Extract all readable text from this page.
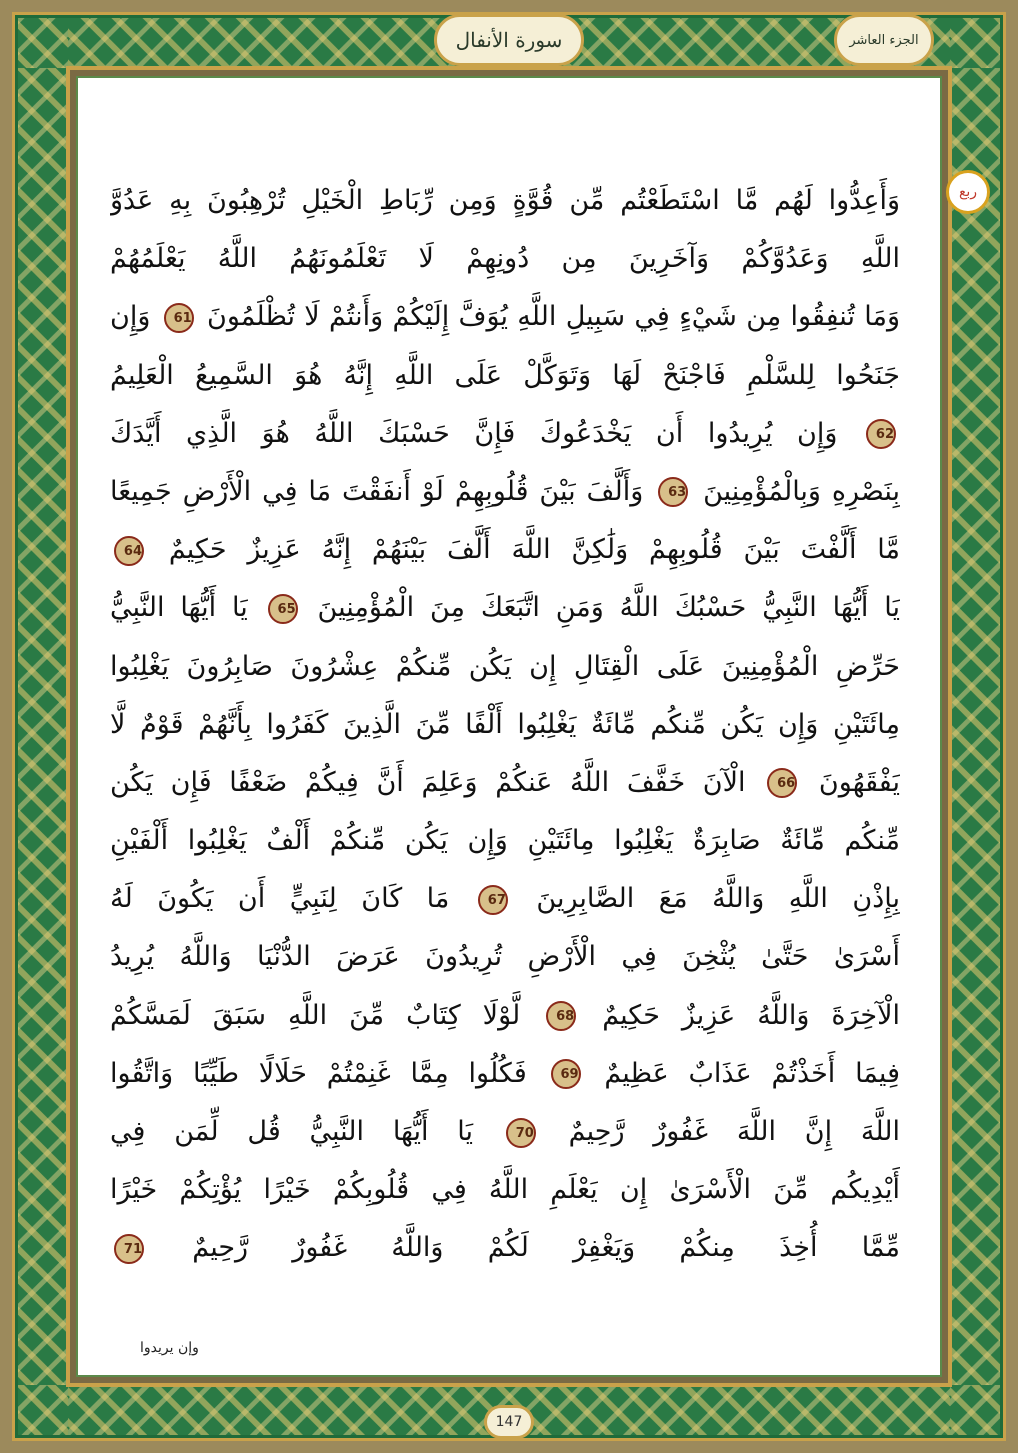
الجزء العاشر
سورة الأنفال
ربع
وَأَعِدُّوا لَهُم مَّا اسْتَطَعْتُم مِّن قُوَّةٍ وَمِن رِّبَاطِ الْخَيْلِ تُرْهِبُونَ بِهِ عَدُوَّ
اللَّهِ وَعَدُوَّكُمْ وَآخَرِينَ مِن دُونِهِمْ لَا تَعْلَمُونَهُمُ اللَّهُ يَعْلَمُهُمْ
وَمَا تُنفِقُوا مِن شَيْءٍ فِي سَبِيلِ اللَّهِ يُوَفَّ إِلَيْكُمْ وَأَنتُمْ لَا تُظْلَمُونَ 61 وَإِن
جَنَحُوا لِلسَّلْمِ فَاجْنَحْ لَهَا وَتَوَكَّلْ عَلَى اللَّهِ إِنَّهُ هُوَ السَّمِيعُ الْعَلِيمُ
62 وَإِن يُرِيدُوا أَن يَخْدَعُوكَ فَإِنَّ حَسْبَكَ اللَّهُ هُوَ الَّذِي أَيَّدَكَ
بِنَصْرِهِ وَبِالْمُؤْمِنِينَ 63 وَأَلَّفَ بَيْنَ قُلُوبِهِمْ لَوْ أَنفَقْتَ مَا فِي الْأَرْضِ جَمِيعًا
مَّا أَلَّفْتَ بَيْنَ قُلُوبِهِمْ وَلَٰكِنَّ اللَّهَ أَلَّفَ بَيْنَهُمْ إِنَّهُ عَزِيزٌ حَكِيمٌ 64
يَا أَيُّهَا النَّبِيُّ حَسْبُكَ اللَّهُ وَمَنِ اتَّبَعَكَ مِنَ الْمُؤْمِنِينَ 65 يَا أَيُّهَا النَّبِيُّ
حَرِّضِ الْمُؤْمِنِينَ عَلَى الْقِتَالِ إِن يَكُن مِّنكُمْ عِشْرُونَ صَابِرُونَ يَغْلِبُوا
مِائَتَيْنِ وَإِن يَكُن مِّنكُم مِّائَةٌ يَغْلِبُوا أَلْفًا مِّنَ الَّذِينَ كَفَرُوا بِأَنَّهُمْ قَوْمٌ لَّا
يَفْقَهُونَ 66 الْآنَ خَفَّفَ اللَّهُ عَنكُمْ وَعَلِمَ أَنَّ فِيكُمْ ضَعْفًا فَإِن يَكُن
مِّنكُم مِّائَةٌ صَابِرَةٌ يَغْلِبُوا مِائَتَيْنِ وَإِن يَكُن مِّنكُمْ أَلْفٌ يَغْلِبُوا أَلْفَيْنِ
بِإِذْنِ اللَّهِ وَاللَّهُ مَعَ الصَّابِرِينَ 67 مَا كَانَ لِنَبِيٍّ أَن يَكُونَ لَهُ
أَسْرَىٰ حَتَّىٰ يُثْخِنَ فِي الْأَرْضِ تُرِيدُونَ عَرَضَ الدُّنْيَا وَاللَّهُ يُرِيدُ
الْآخِرَةَ وَاللَّهُ عَزِيزٌ حَكِيمٌ 68 لَّوْلَا كِتَابٌ مِّنَ اللَّهِ سَبَقَ لَمَسَّكُمْ
فِيمَا أَخَذْتُمْ عَذَابٌ عَظِيمٌ 69 فَكُلُوا مِمَّا غَنِمْتُمْ حَلَالًا طَيِّبًا وَاتَّقُوا
اللَّهَ إِنَّ اللَّهَ غَفُورٌ رَّحِيمٌ 70 يَا أَيُّهَا النَّبِيُّ قُل لِّمَن فِي
أَيْدِيكُم مِّنَ الْأَسْرَىٰ إِن يَعْلَمِ اللَّهُ فِي قُلُوبِكُمْ خَيْرًا يُؤْتِكُمْ خَيْرًا
مِّمَّا أُخِذَ مِنكُمْ وَيَغْفِرْ لَكُمْ وَاللَّهُ غَفُورٌ رَّحِيمٌ 71
وإن يريدوا
147
